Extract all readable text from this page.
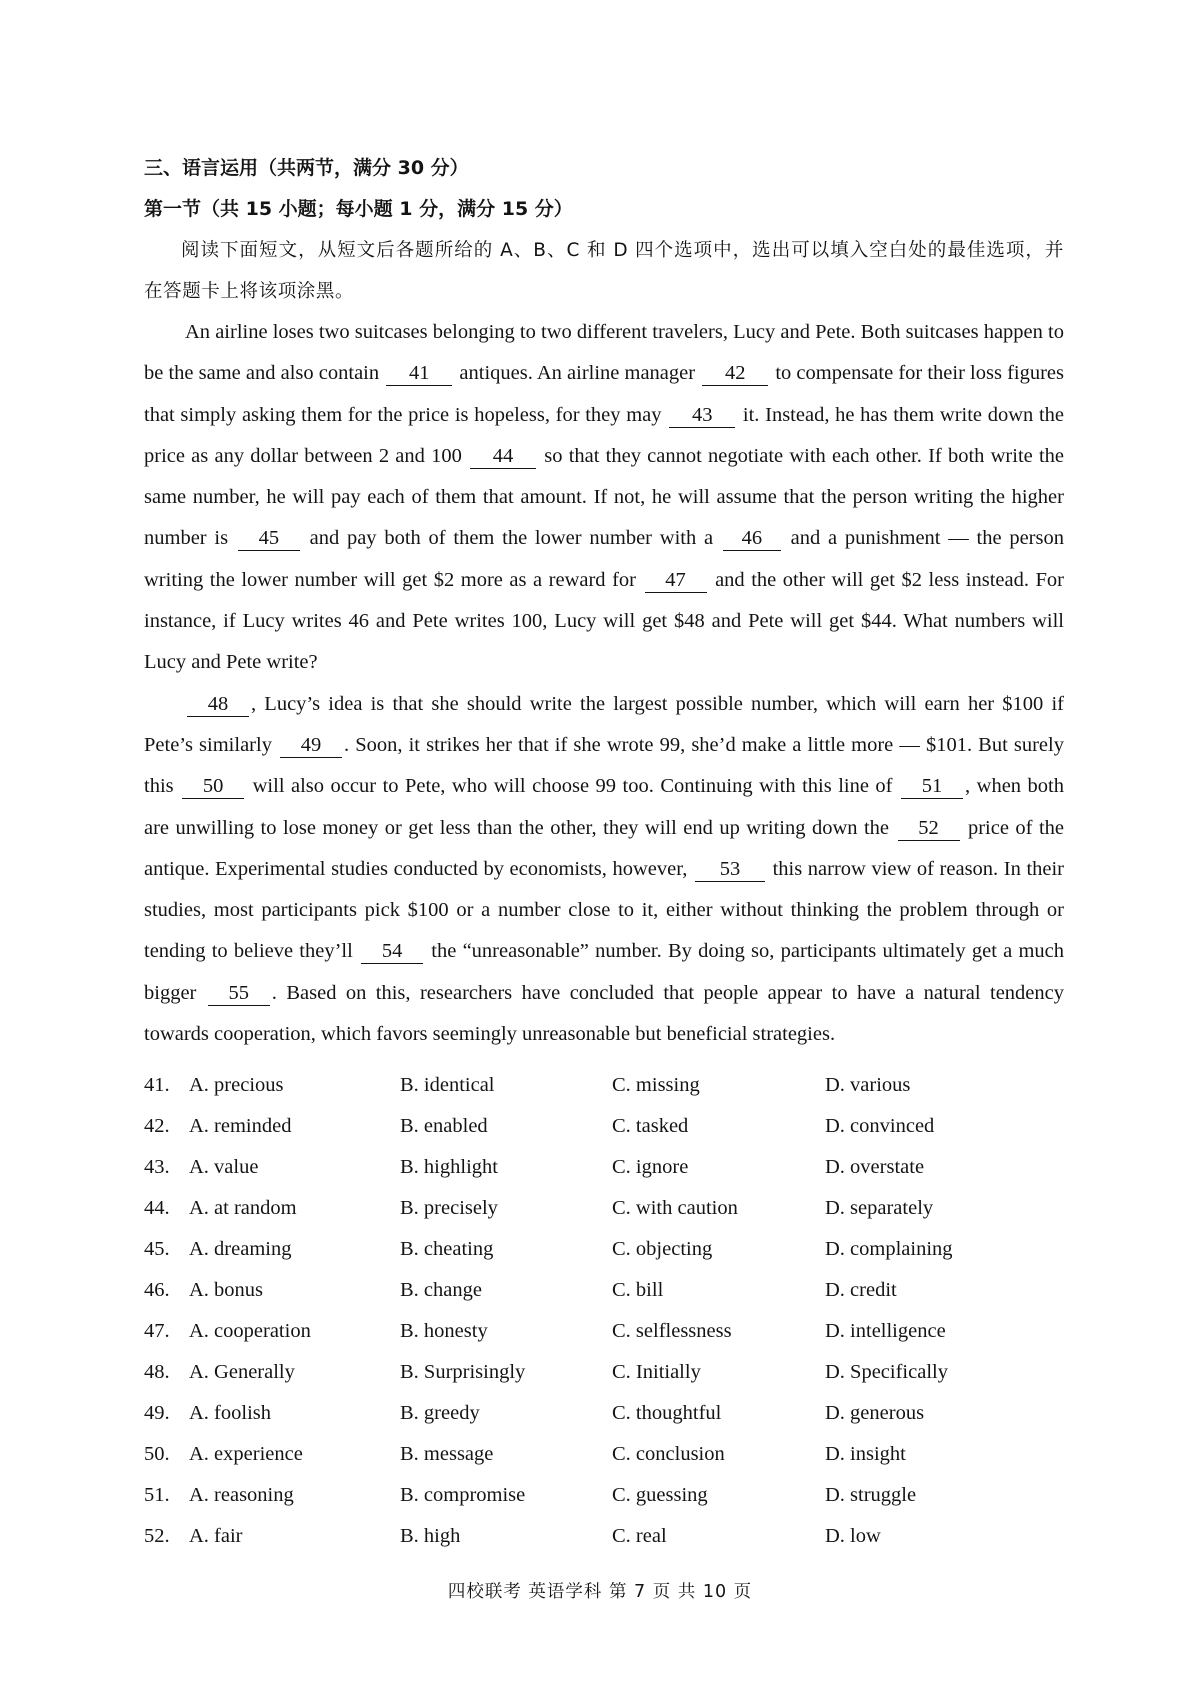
三、语言运用（共两节，满分 30 分）

第一节（共 15 小题；每小题 1 分，满分 15 分）

阅读下面短文，从短文后各题所给的 A、B、C 和 D 四个选项中，选出可以填入空白处的最佳选项，并在答题卡上将该项涂黑。

An airline loses two suitcases belonging to two different travelers, Lucy and Pete. Both suitcases happen to be the same and also contain 41 antiques. An airline manager 42 to compensate for their loss figures that simply asking them for the price is hopeless, for they may 43 it. Instead, he has them write down the price as any dollar between 2 and 100 44 so that they cannot negotiate with each other. If both write the same number, he will pay each of them that amount. If not, he will assume that the person writing the higher number is 45 and pay both of them the lower number with a 46 and a punishment — the person writing the lower number will get $2 more as a reward for 47 and the other will get $2 less instead. For instance, if Lucy writes 46 and Pete writes 100, Lucy will get $48 and Pete will get $44. What numbers will Lucy and Pete write?

48 , Lucy’s idea is that she should write the largest possible number, which will earn her $100 if Pete’s similarly 49 . Soon, it strikes her that if she wrote 99, she’d make a little more — $101. But surely this 50 will also occur to Pete, who will choose 99 too. Continuing with this line of 51 , when both are unwilling to lose money or get less than the other, they will end up writing down the 52 price of the antique. Experimental studies conducted by economists, however, 53 this narrow view of reason. In their studies, most participants pick $100 or a number close to it, either without thinking the problem through or tending to believe they’ll 54 the “unreasonable” number. By doing so, participants ultimately get a much bigger 55 . Based on this, researchers have concluded that people appear to have a natural tendency towards cooperation, which favors seemingly unreasonable but beneficial strategies.

41. A. precious	B. identical	C. missing	D. various
42. A. reminded	B. enabled	C. tasked	D. convinced
43. A. value	B. highlight	C. ignore	D. overstate
44. A. at random	B. precisely	C. with caution	D. separately
45. A. dreaming	B. cheating	C. objecting	D. complaining
46. A. bonus	B. change	C. bill	D. credit
47. A. cooperation	B. honesty	C. selflessness	D. intelligence
48. A. Generally	B. Surprisingly	C. Initially	D. Specifically
49. A. foolish	B. greedy	C. thoughtful	D. generous
50. A. experience	B. message	C. conclusion	D. insight
51. A. reasoning	B. compromise	C. guessing	D. struggle
52. A. fair	B. high	C. real	D. low
四校联考 英语学科 第 7 页 共 10 页
